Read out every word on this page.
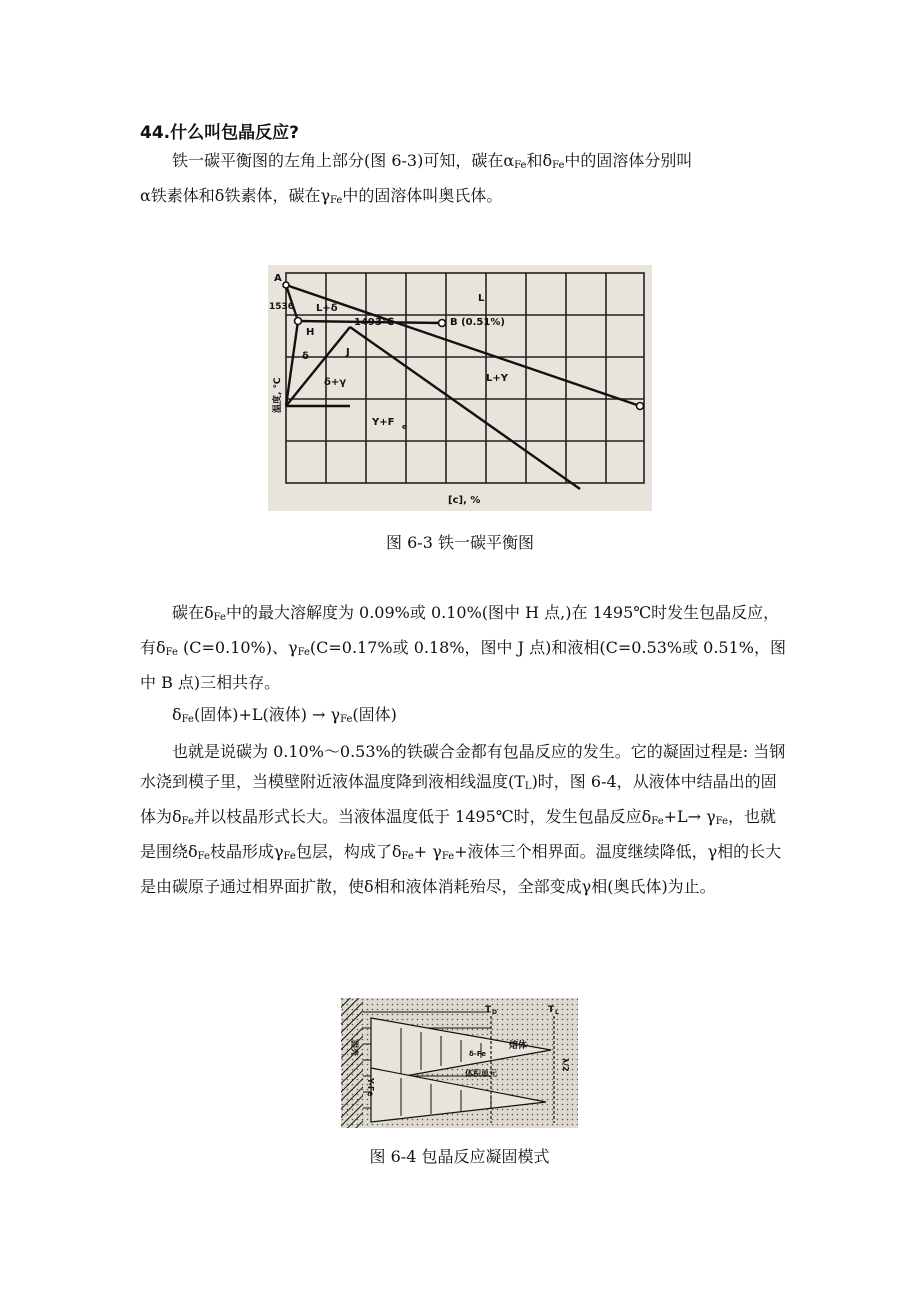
44.什么叫包晶反应?

铁一碳平衡图的左角上部分(图 6-3)可知，碳在$\alpha_{Fe}$和$\delta_{Fe}$中的固溶体分别叫

α铁素体和δ铁素体，碳在$\gamma_{Fe}$中的固溶体叫奥氏体。

A
1536 L+δ
1493℃	B (0.51%)
L
H
J
δ
δ+γ	L+Y
Y+F e
温度, ℃
[c], %
图 6-3 铁一碳平衡图

碳在$\delta_{Fe}$中的最大溶解度为 0.09%或 0.10%(图中 H 点,)在 1495℃时发生包晶反应，有$\delta_{Fe}$ (C=0.10%)、$\gamma_{Fe}(C=0.17\%$或 0.18%，图中 J 点)和液相(C=0.53%或 0.51%，图中 B 点)三相共存。

$\delta_{Fe}$(固体)+L(液体) → $\gamma_{Fe}$(固体)

也就是说碳为 0.10%～0.53%的铁碳合金都有包晶反应的发生。它的凝固过程是: 当钢水浇到模子里，当模壁附近液体温度降到液相线温度$(T_L)$时，图 6-4，从液体中结晶出的固体为$\delta_{Fe}$并以枝晶形式长大。当液体温度低于 1495℃时，发生包晶反应$\delta_{Fe}+L\to \gamma_{Fe}$，也就是围绕$\delta_{Fe}$枝晶形成$\gamma_{Fe}$包层，构成了$\delta_{Fe}+ \gamma_{Fe}+$液体三个相界面。温度继续降低，γ相的长大是由碳原子通过相界面扩散，使δ相和液体消耗殆尽，全部变成γ相(奥氏体)为止。

T D	T L
熔体
体积单元
固壳
Y-Fe
δ-Fe
λ/2
图 6-4 包晶反应凝固模式
